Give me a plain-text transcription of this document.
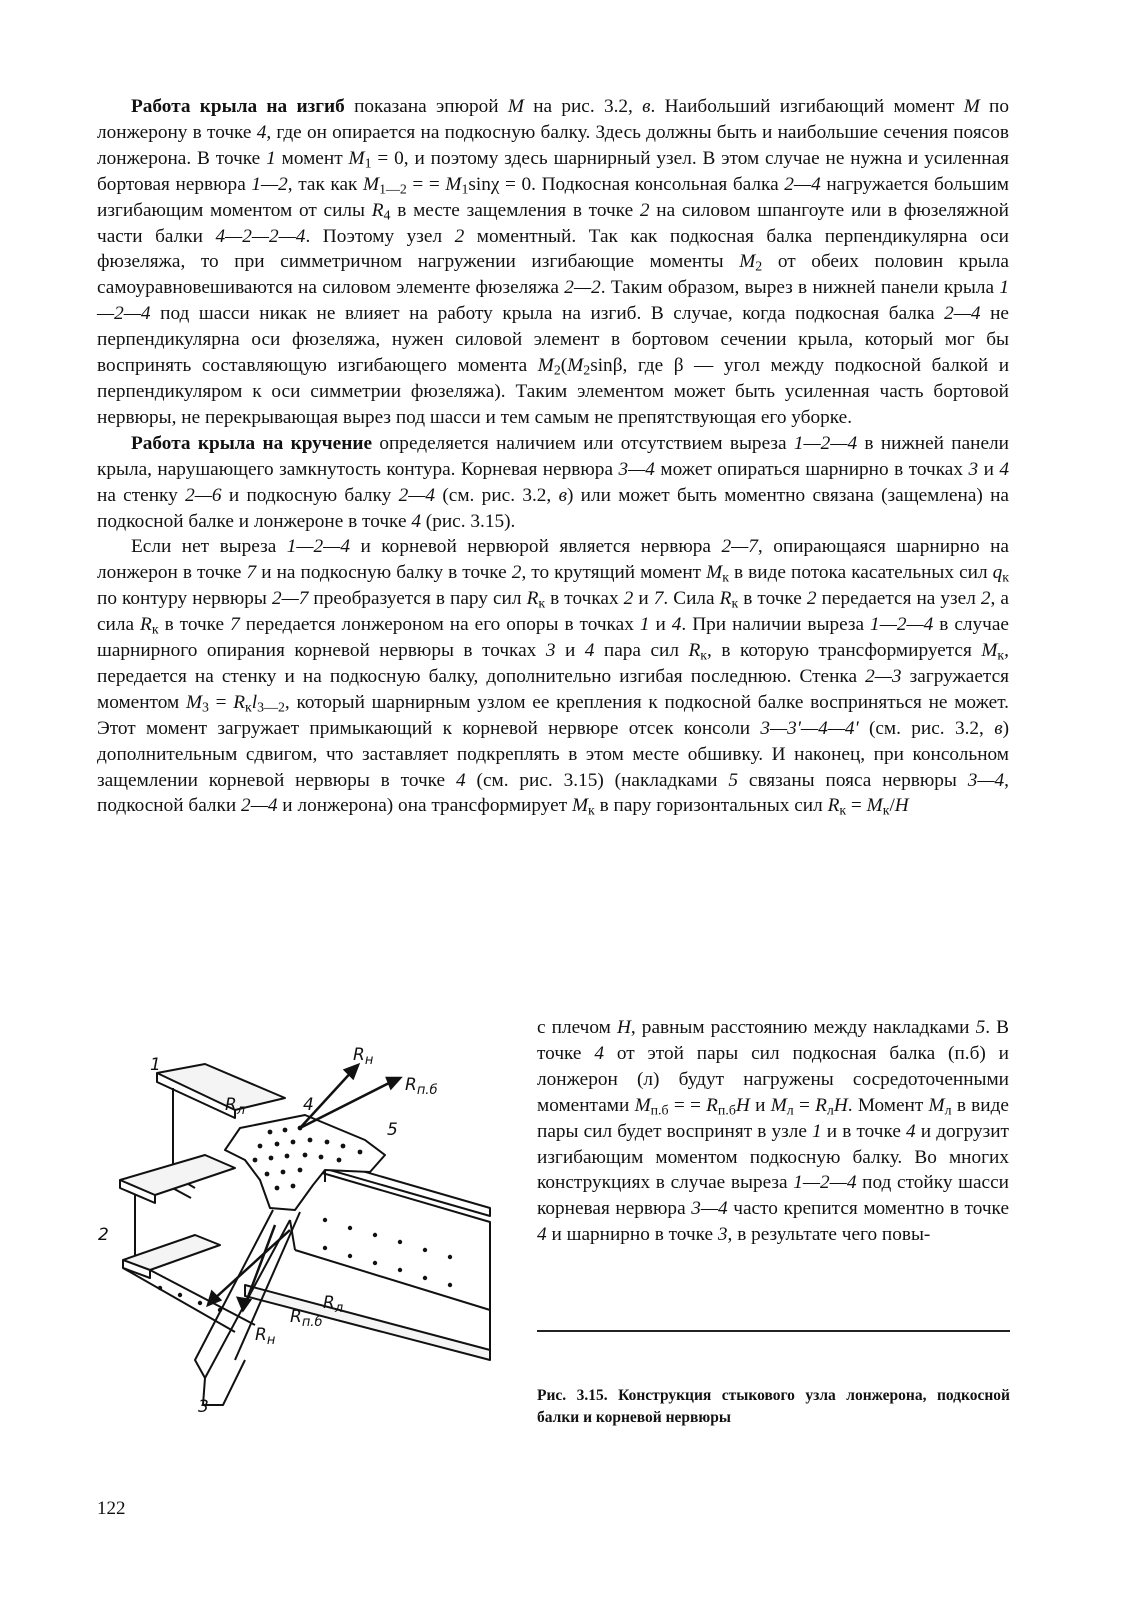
Работа крыла на изгиб показана эпюрой M на рис. 3.2, в. Наибольший изгибающий момент M по лонжерону в точке 4, где он опирается на подкосную балку. Здесь должны быть и наибольшие сечения поясов лонжерона. В точке 1 момент $M_1 = 0$, и поэтому здесь шарнирный узел. В этом случае не нужна и усиленная бортовая нервюра 1—2, так как $M_{1—2}$ = = $M_1\sin\chi = 0$. Подкосная консольная балка 2—4 нагружается большим изгибающим моментом от силы $R_4$ в месте защемления в точке 2 на силовом шпангоуте или в фюзеляжной части балки 4—2—2—4. Поэтому узел 2 моментный. Так как подкосная балка перпендикулярна оси фюзеляжа, то при симметричном нагружении изгибающие моменты $M_2$ от обеих половин крыла самоуравновешиваются на силовом элементе фюзеляжа 2—2. Таким образом, вырез в нижней панели крыла 1—2—4 под шасси никак не влияет на работу крыла на изгиб. В случае, когда подкосная балка 2—4 не перпендикулярна оси фюзеляжа, нужен силовой элемент в бортовом сечении крыла, который мог бы воспринять составляющую изгибающего момента $M_2(M_2\sin\beta$, где β — угол между подкосной балкой и перпендикуляром к оси симметрии фюзеляжа). Таким элементом может быть усиленная часть бортовой нервюры, не перекрывающая вырез под шасси и тем самым не препятствующая его уборке.

Работа крыла на кручение определяется наличием или отсутствием выреза 1—2—4 в нижней панели крыла, нарушающего замкнутость контура. Корневая нервюра 3—4 может опираться шарнирно в точках 3 и 4 на стенку 2—6 и подкосную балку 2—4 (см. рис. 3.2, в) или может быть моментно связана (защемлена) на подкосной балке и лонжероне в точке 4 (рис. 3.15).

Если нет выреза 1—2—4 и корневой нервюрой является нервюра 2—7, опирающаяся шарнирно на лонжерон в точке 7 и на подкосную балку в точке 2, то крутящий момент $M_к$ в виде потока касательных сил $q_к$ по контуру нервюры 2—7 преобразуется в пару сил $R_к$ в точках 2 и 7. Сила $R_к$ в точке 2 передается на узел 2, а сила $R_к$ в точке 7 передается лонжероном на его опоры в точках 1 и 4. При наличии выреза 1—2—4 в случае шарнирного опирания корневой нервюры в точках 3 и 4 пара сил $R_к$, в которую трансформируется $M_к$, передается на стенку и на подкосную балку, дополнительно изгибая последнюю. Стенка 2—3 загружается моментом $M_3 = R_кl_{3—2}$, который шарнирным узлом ее крепления к подкосной балке восприняться не может. Этот момент загружает примыкающий к корневой нервюре отсек консоли 3—3'—4—4' (см. рис. 3.2, в) дополнительным сдвигом, что заставляет подкреплять в этом месте обшивку. И наконец, при консольном защемлении корневой нервюры в точке 4 (см. рис. 3.15) (накладками 5 связаны пояса нервюры 3—4, подкосной балки 2—4 и лонжерона) она трансформирует $M_к$ в пару горизонтальных сил $R_к = M_к/H$

с плечом H, равным расстоянию между накладками 5. В точке 4 от этой пары сил подкосная балка (п.б) и лонжерон (л) будут нагружены сосредоточенными моментами $M_{п.б}$ = = $R_{п.б}H$ и $M_л = R_лH$. Момент $M_л$ в виде пары сил будет воспринят в узле 1 и в точке 4 и догрузит изгибающим моментом подкосную балку. Во многих конструкциях в случае выреза 1—2—4 под стойку шасси корневая нервюра 3—4 часто крепится моментно в точке 4 и шарнирно в точке 3, в результате чего повы-

1
2
3
4
5
$R_н$
$R_{п.б}$
$R_л$
$R_н$
$R_{п.б}$
$R_л$
Рис. 3.15. Конструкция стыкового узла лонжерона, подкосной балки и корневой нервюры
122
